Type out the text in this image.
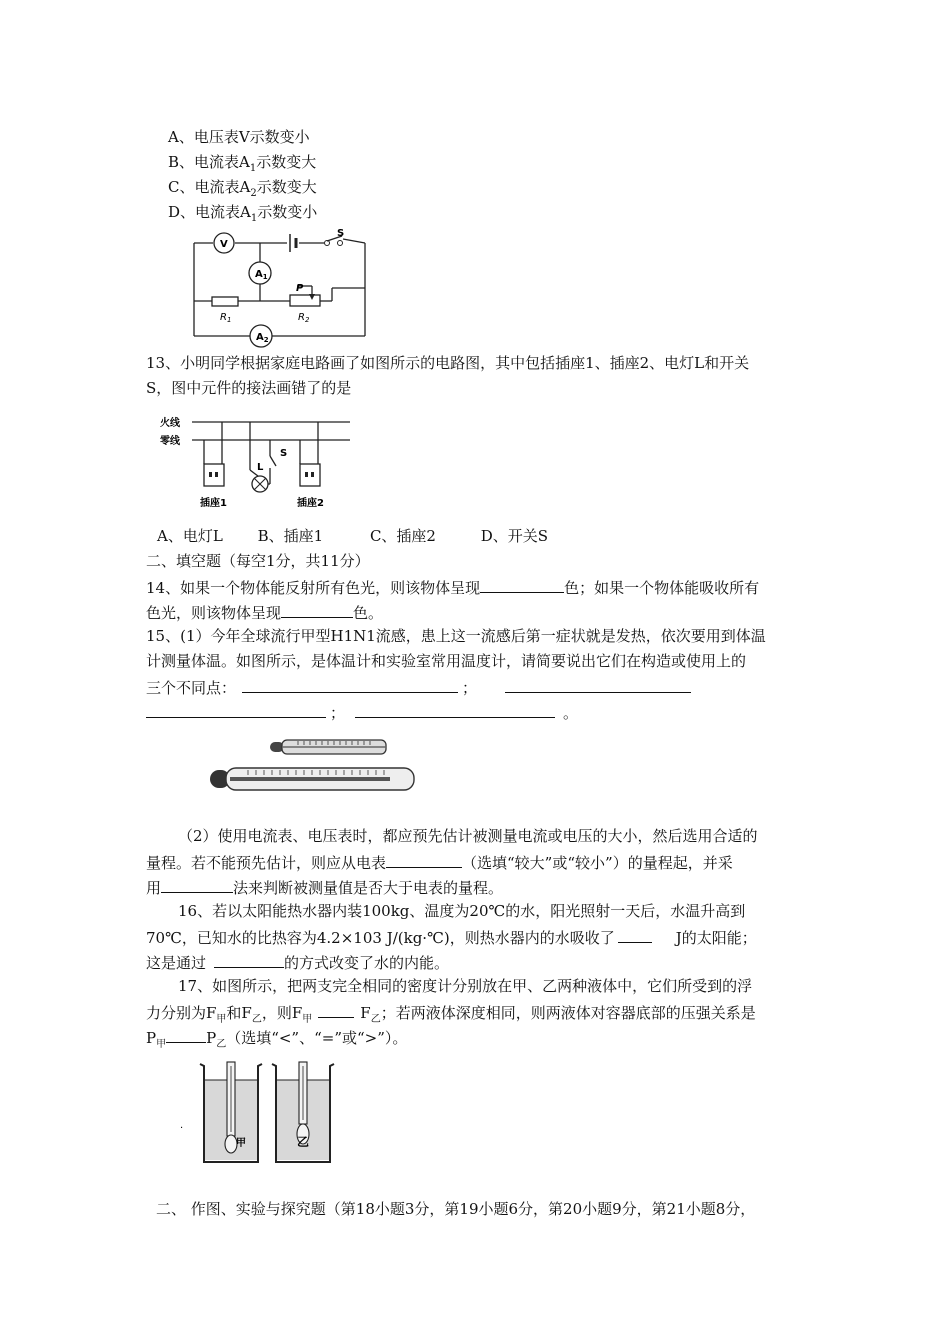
A、电压表V示数变小
B、电流表$A_1$示数变大
C、电流表$A_2$示数变大
D、电流表$A_1$示数变小
V
$A_1$
$A_2$
S
P
$R_1$	$R_2$
13、小明同学根据家庭电路画了如图所示的电路图，其中包括插座1、插座2、电灯L和开关
S，图中元件的接法画错了的是
火线
零线
L
S
插座1	插座2
A、电灯L B、插座1	C、插座2	D、开关S
二、填空题（每空1分，共11分）
14、如果一个物体能反射所有色光，则该物体呈现	色；如果一个物体能吸收所有
色光，则该物体呈现	色。
15、(1）今年全球流行甲型H1N1流感，患上这一流感后第一症状就是发热，依次要用到体温
计测量体温。如图所示，是体温计和实验室常用温度计，请简要说出它们在构造或使用上的
三个不同点：	；
；	。
（2）使用电流表、电压表时，都应预先估计被测量电流或电压的大小，然后选用合适的
量程。若不能预先估计，则应从电表	（选填“较大”或“较小”）的量程起，并采
用	法来判断被测量值是否大于电表的量程。
16、若以太阳能热水器内装100kg、温度为20℃的水，阳光照射一天后，水温升高到
70℃，已知水的比热容为4.2×103 J/(kg·℃)，则热水器内的水吸收了	J的太阳能；
这是通过	的方式改变了水的内能。
17、如图所示，把两支完全相同的密度计分别放在甲、乙两种液体中，它们所受到的浮
力分别为$F_甲$和$F_乙$，则$F_甲$	$F_乙$；若两液体深度相同，则两液体对容器底部的压强关系是
$P_甲$	$P_乙$（选填“<”、“=”或“>”）。
.
甲	乙
二、 作图、实验与探究题（第18小题3分，第19小题6分，第20小题9分，第21小题8分，
